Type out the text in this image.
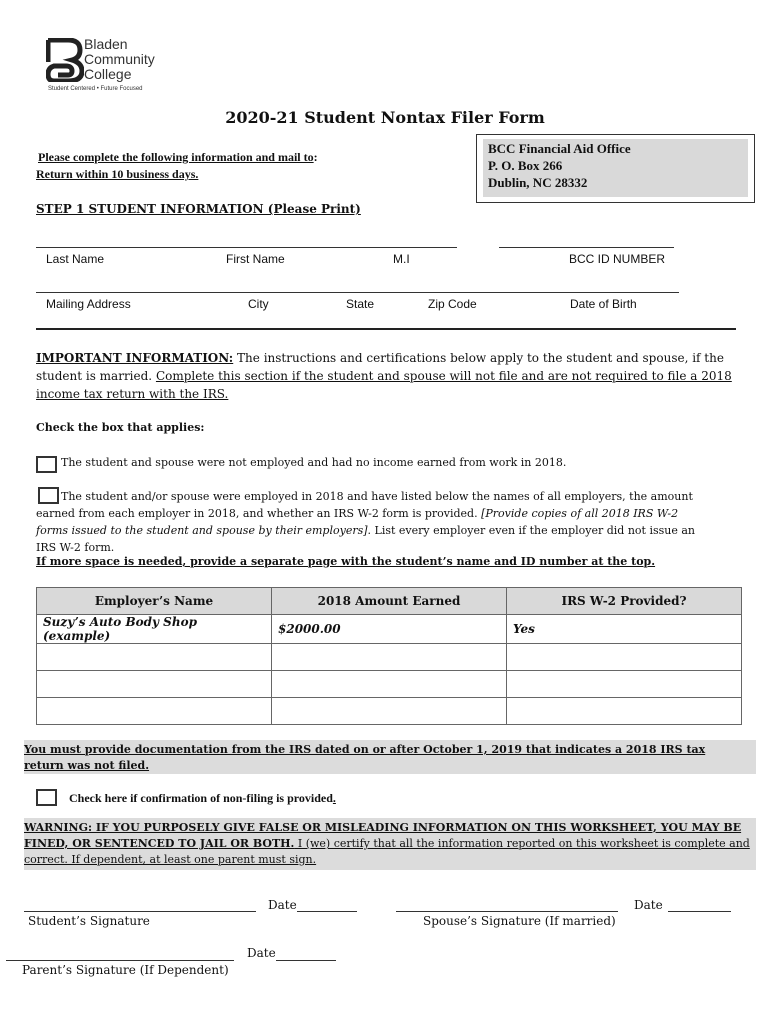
Bladen
Community
College
Student Centered • Future Focused
2020-21 Student Nontax Filer Form
Please complete the following information and mail to:
Return within 10 business days.
BCC Financial Aid Office
P. O. Box 266
Dublin, NC 28332
STEP 1 STUDENT INFORMATION (Please Print)
Last Name	First Name	M.I	BCC ID NUMBER
Mailing Address	City	State	Zip Code	Date of Birth
IMPORTANT INFORMATION: The instructions and certifications below apply to the student and spouse, if the student is married. Complete this section if the student and spouse will not file and are not required to file a 2018 income tax return with the IRS.
Check the box that applies:
The student and spouse were not employed and had no income earned from work in 2018.
The student and/or spouse were employed in 2018 and have listed below the names of all employers, the amount earned from each employer in 2018, and whether an IRS W-2 form is provided. [Provide copies of all 2018 IRS W-2 forms issued to the student and spouse by their employers]. List every employer even if the employer did not issue an IRS W-2 form.
If more space is needed, provide a separate page with the student’s name and ID number at the top.
Employer’s Name	2018 Amount Earned	IRS W-2 Provided?
Suzy’s Auto Body Shop (example)	$2000.00	Yes

You must provide documentation from the IRS dated on or after October 1, 2019 that indicates a 2018 IRS tax return was not filed.
Check here if confirmation of non-filing is provided.
WARNING: IF YOU PURPOSELY GIVE FALSE OR MISLEADING INFORMATION ON THIS WORKSHEET, YOU MAY BE FINED, OR SENTENCED TO JAIL OR BOTH. I (we) certify that all the information reported on this worksheet is complete and correct. If dependent, at least one parent must sign.
Date
Student’s Signature
Date
Spouse’s Signature (If married)
Date
Parent’s Signature (If Dependent)
